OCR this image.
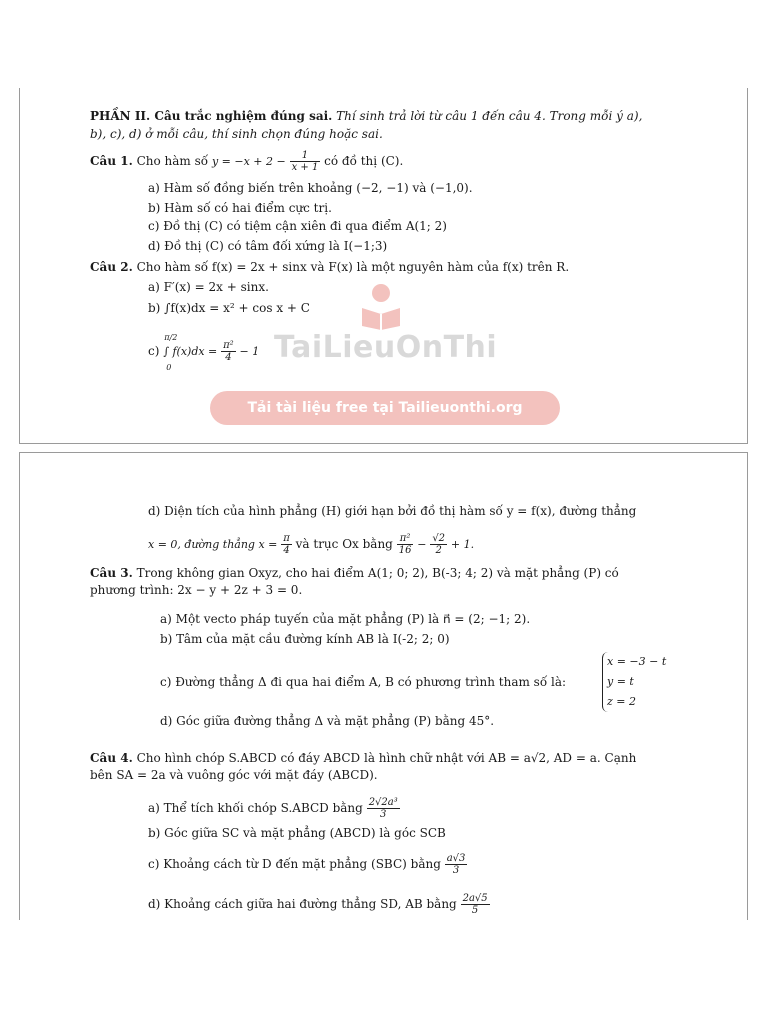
PHẦN II. Câu trắc nghiệm đúng sai. Thí sinh trả lời từ câu 1 đến câu 4. Trong mỗi ý a),
b), c), d) ở mỗi câu, thí sinh chọn đúng hoặc sai.
Câu 1. Cho hàm số $y = -x + 2 - \frac{1}{x + 1}$ có đồ thị (C).
a) Hàm số đồng biến trên khoảng (−2, −1) và (−1,0).
b) Hàm số có hai điểm cực trị.
c) Đồ thị (C) có tiệm cận xiên đi qua điểm A(1; 2)
d) Đồ thị (C) có tâm đối xứng là I(−1;3)
Câu 2. Cho hàm số f(x) = 2x + sinx và F(x) là một nguyên hàm của f(x) trên R.
a) F′(x) = 2x + sinx.
b) ∫f(x)dx = x² + cos x + C
c)
π/2
0
∫ $f(x)dx = \frac{\text{π²}}{4} - 1$ TaiLieuOnThi
Tải tài liệu free tại Tailieuonthi.org
d) Diện tích của hình phẳng (H) giới hạn bởi đồ thị hàm số y = f(x), đường thẳng
x = 0, đường thẳng $x = \frac{\pi}{4}$ và trục Ox bằng $\frac{\text{π²}}{16} - \frac{√2}{2} + 1$.
Câu 3. Trong không gian Oxyz, cho hai điểm A(1; 0; 2), B(-3; 4; 2) và mặt phẳng (P) có
phương trình: 2x − y + 2z + 3 = 0.
a) Một vecto pháp tuyến của mặt phẳng (P) là n⃗ = (2; −1; 2).
b) Tâm của mặt cầu đường kính AB là I(-2; 2; 0)
c) Đường thẳng Δ đi qua hai điểm A, B có phương trình tham số là:
x = −3 − t
y = t
z = 2
d) Góc giữa đường thẳng Δ và mặt phẳng (P) bằng 45°.
Câu 4. Cho hình chóp S.ABCD có đáy ABCD là hình chữ nhật với AB = a√2, AD = a. Cạnh
bên SA = 2a và vuông góc với mặt đáy (ABCD).
a) Thể tích khối chóp S.ABCD bằng $\frac{\text{2√2a³}}{3}$
b) Góc giữa SC và mặt phẳng (ABCD) là góc SCB
c) Khoảng cách từ D đến mặt phẳng (SBC) bằng $\frac{a√3}{3}$
d) Khoảng cách giữa hai đường thẳng SD, AB bằng $\frac{2a√5}{5}$
